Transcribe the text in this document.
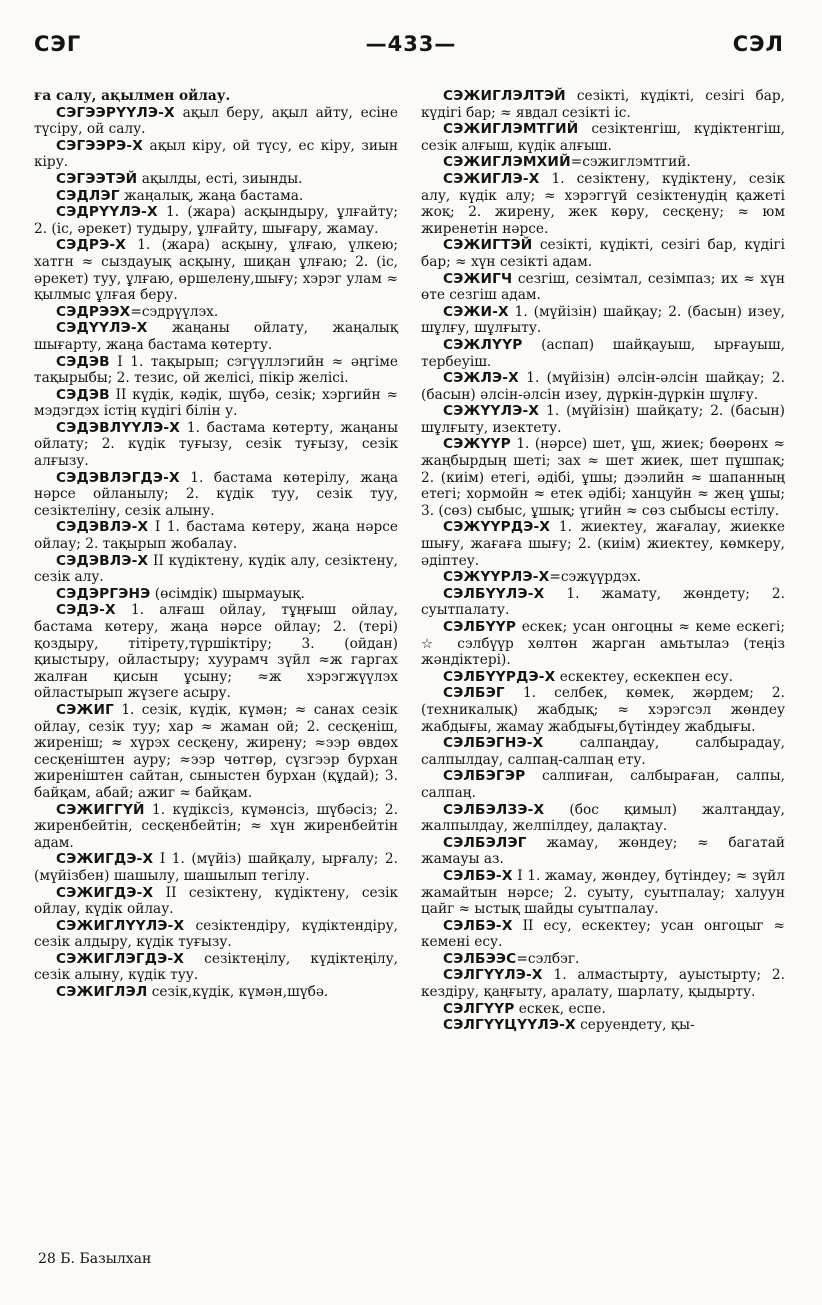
СЭГ	—433—	СЭЛ

ға салу, ақылмен ойлау.

СЭГЭЭРҮҮЛЭ-Х ақыл беру, ақыл айту, есіне түсіру, ой салу.

СЭГЭЭРЭ-Х ақыл кіру, ой түсу, ес кіру, зиын кіру.

СЭГЭЭТЭЙ ақылды, есті, зиынды.

СЭДЛЭГ жаңалық, жаңа бастама.

СЭДРҮҮЛЭ-Х 1. (жара) асқындыру, ұлғайту; 2. (іс, әрекет) тудыру, ұлғайту, шығару, жамау.

СЭДРЭ-Х 1. (жара) асқыну, ұлғаю, үлкею; хатгн ≈ сыздауық асқыну, шиқан ұлғаю; 2. (іс, әрекет) туу, ұлғаю, өршелену,шығу; хэрэг улам ≈ қылмыс ұлғая беру.

СЭДРЭЭХ=сэдрүүлэх.

СЭДҮҮЛЭ-Х жаңаны ойлату, жаңалық шығарту, жаңа бастама көтерту.

СЭДЭВ I 1. тақырып; сэгүүллэгийн ≈ әңгіме тақырыбы; 2. тезис, ой желісі, пікір желісі.

СЭДЭВ II күдік, кәдік, шүбә, сезік; хэргийн ≈ мэдэгдэх істің күдігі білін у.

СЭДЭВЛҮҮЛЭ-Х 1. бастама көтерту, жаңаны ойлату; 2. күдік туғызу, сезік туғызу, сезік алғызу.

СЭДЭВЛЭГДЭ-Х 1. бастама көтерілу, жаңа нәрсе ойланылу; 2. күдік туу, сезік туу, сезіктеліну, сезік алыну.

СЭДЭВЛЭ-Х I 1. бастама көтеру, жаңа нәрсе ойлау; 2. тақырып жобалау.

СЭДЭВЛЭ-Х II күдіктену, күдік алу, сезіктену, сезік алу.

СЭДЭРГЭНЭ (өсімдік) шырмауық.

СЭДЭ-Х 1. алғаш ойлау, тұңғыш ойлау, бастама көтеру, жаңа нәрсе ойлау; 2. (тері) қоздыру, тітірету,түршіктіру; 3. (ойдан) қиыстыру, ойластыру; хуурамч зүйл ≈ж гаргах жалған қисын ұсыну; ≈ж хэрэгжүүлэх ойластырып жүзеге асыру.

СЭЖИГ 1. сезік, күдік, күмән; ≈ санах сезік ойлау, сезік туу; хар ≈ жаман ой; 2. сесқеніш, жиреніш; ≈ хүрэх сесқену, жирену; ≈ээр өвдөх сесқеніштен ауру; ≈ээр чөтгөр, сүзгээр бурхан жиреніштен сайтан, сыныстен бурхан (құдай); 3. байқам, абай; ажиг ≈ байқам.

СЭЖИГГҮЙ 1. күдіксіз, күмәнсіз, шүбәсіз; 2. жиренбейтін, сесқенбейтін; ≈ хүн жиренбейтін адам.

СЭЖИГДЭ-Х I 1. (мүйіз) шайқалу, ырғалу; 2. (мүйізбен) шашылу, шашылып тегілу.

СЭЖИГДЭ-Х II сезіктену, күдіктену, сезік ойлау, күдік ойлау.

СЭЖИГЛҮҮЛЭ-Х сезіктендіру, күдіктендіру, сезік алдыру, күдік туғызу.

СЭЖИГЛЭГДЭ-Х сезіктеңілу, күдіктеңілу, сезік алыну, күдік туу.

СЭЖИГЛЭЛ сезік,күдік, күмән,шүбә.

СЭЖИГЛЭЛТЭЙ сезікті, күдікті, сезігі бар, күдігі бар; ≈ явдал сезікті іс.

СЭЖИГЛЭМТГИЙ сезіктенгіш, күдіктенгіш, сезік алғыш, күдік алғыш.

СЭЖИГЛЭМХИЙ=сэжиглэмтгий.

СЭЖИГЛЭ-Х 1. сезіктену, күдіктену, сезік алу, күдік алу; ≈ хэрэггүй сезіктенудің қажеті жоқ; 2. жирену, жек көру, сесқену; ≈ юм жиренетін нәрсе.

СЭЖИГТЭЙ сезікті, күдікті, сезігі бар, күдігі бар; ≈ хүн сезікті адам.

СЭЖИГЧ сезгіш, сезімтал, сезімпаз; их ≈ хүн өте сезгіш адам.

СЭЖИ-Х 1. (мүйізін) шайқау; 2. (басын) изеу, шұлғу, шұлғыту.

СЭЖЛҮҮР (аспап) шайқауыш, ырғауыш, тербеуіш.

СЭЖЛЭ-Х 1. (мүйізін) әлсін-әлсін шайқау; 2. (басын) әлсін-әлсін изеу, дүркін-дүркін шұлғу.

СЭЖҮҮЛЭ-Х 1. (мүйізін) шайқату; 2. (басын) шұлғыту, изектету.

СЭЖҮҮР 1. (нәрсе) шет, ұш, жиек; бөөрөнх ≈ жаңбырдың шеті; зах ≈ шет жиек, шет пұшпақ; 2. (киім) етегі, әдібі, ұшы; дээлийн ≈ шапанның етегі; хормойн ≈ етек әдібі; ханцуйн ≈ жең ұшы; 3. (сөз) сыбыс, ұшық; үгийн ≈ сөз сыбысы естілу.

СЭЖҮҮРДЭ-Х 1. жиектеу, жағалау, жиекке шығу, жағаға шығу; 2. (киім) жиектеу, көмкеру, әдіптеу.

СЭЖҮҮРЛЭ-Х=сэжүүрдэх.

СЭЛБҮҮЛЭ-Х 1. жамату, жөндету; 2. суытпалату.

СЭЛБҮҮР ескек; усан онгоцны ≈ кеме ескегі; ☆ сэлбүүр хөлтөн жарган амьтылаэ (теңіз жәндіктері).

СЭЛБҮҮРДЭ-Х ескектеу, ескекпен есу.

СЭЛБЭГ 1. селбек, көмек, жәрдем; 2. (техникалық) жабдық; ≈ хэрэгсэл жөндеу жабдығы, жамау жабдығы,бүтіндеу жабдығы.

СЭЛБЭГНЭ-Х салпаңдау, салбырадау, салпылдау, салпаң-салпаң ету.

СЭЛБЭГЭР салпиған, салбыраған, салпы, салпаң.

СЭЛБЭЛЗЭ-Х (бос қимыл) жалтаңдау, жалпылдау, желпілдеу, далақтау.

СЭЛБЭЛЭГ жамау, жөндеу; ≈ багатай жамауы аз.

СЭЛБЭ-Х I 1. жамау, жөндеу, бүтіндеу; ≈ зүйл жамайтын нәрсе; 2. суыту, суытпалау; халуун цайг ≈ ыстық шайды суытпалау.

СЭЛБЭ-Х II есу, ескектеу; усан онгоцыг ≈ кемені есу.

СЭЛБЭЭС=сэлбэг.

СЭЛГҮҮЛЭ-Х 1. алмастырту, ауыстырту; 2. кездіру, қаңғыту, аралату, шарлату, қыдырту.

СЭЛГҮҮР ескек, еспе.

СЭЛГҮҮЦҮҮЛЭ-Х серуендету, қы-

28 Б. Базылхан
